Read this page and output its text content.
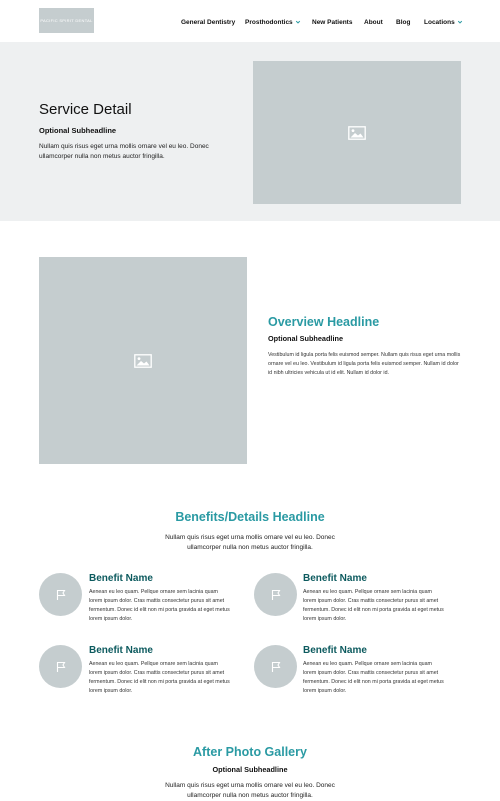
PACIFIC SPIRIT DENTAL	General Dentistry Prosthodontics	New Patients About Blog Locations
Service Detail
Optional Subheadline
Nullam quis risus eget urna mollis ornare vel eu leo. Donec ullamcorper nulla non metus auctor fringilla.
Overview Headline
Optional Subheadline
Vestibulum id ligula porta felis euismod semper. Nullam quis risus eget urna mollis ornare vel eu leo. Vestibulum id ligula porta felis euismod semper. Nullam id dolor id nibh ultricies vehicula ut id elit. Nullam id dolor id.
Benefits/Details Headline
Nullam quis risus eget urna mollis ornare vel eu leo. Donec ullamcorper nulla non metus auctor fringilla.
Benefit Name
Aenean eu leo quam. Pellque ornare sem lacinia quam lorem ipsum dolor. Cras mattis consectetur purus sit amet fermentum. Donec id elit non mi porta gravida at eget metus lorem ipsum dolor.
Benefit Name
Aenean eu leo quam. Pellque ornare sem lacinia quam lorem ipsum dolor. Cras mattis consectetur purus sit amet fermentum. Donec id elit non mi porta gravida at eget metus lorem ipsum dolor.
Benefit Name
Aenean eu leo quam. Pellque ornare sem lacinia quam lorem ipsum dolor. Cras mattis consectetur purus sit amet fermentum. Donec id elit non mi porta gravida at eget metus lorem ipsum dolor.
Benefit Name
Aenean eu leo quam. Pellque ornare sem lacinia quam lorem ipsum dolor. Cras mattis consectetur purus sit amet fermentum. Donec id elit non mi porta gravida at eget metus lorem ipsum dolor.
After Photo Gallery
Optional Subheadline
Nullam quis risus eget urna mollis ornare vel eu leo. Donec ullamcorper nulla non metus auctor fringilla.
